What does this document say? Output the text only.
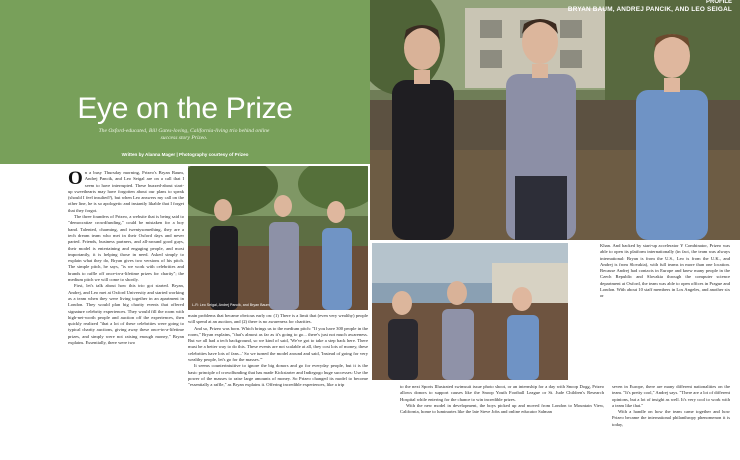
Eye on the Prize

The Oxford-educated, Bill Gates-loving, California-living trio behind online success story Prizeo.

Written by Alanna Mager | Photography courtesy of Prizeo

PROFILE
BRYAN BAUM, ANDREJ PANCIK, AND LEO SEIGAL

On a busy Thursday morning, Prizeo's Bryan Baum, Andrej Pancik, and Leo Seigal are on a call that I seem to have interrupted. These buzzed-about start-up sweethearts may have forgotten about our plans to speak (should I feel insulted?), but when Leo answers my call on the other line, he is so apologetic and instantly likable that I forget that they forgot.

The three founders of Prizeo, a website that is being said to "democratize crowdfunding," could be mistaken for a boy band. Talented, charming, and twentysomething, they are a tech dream team who met in their Oxford days and never parted. Friends, business partners, and all-around good guys, their model is entertaining and engaging people, and most importantly, it is helping those in need. Asked simply to explain what they do, Bryan gives two versions of his pitch. The simple pitch, he says, "is we work with celebrities and brands to raffle off once-in-a-lifetime prizes for charity"; the medium pitch we will come to shortly.

First, let's talk about how this trio got started. Bryan, Andrej, and Leo met at Oxford University and started working as a team when they were living together in an apartment in London. They would plan big charity events that offered signature celebrity experiences. They would fill the room with high-net-worth people and auction off the experiences, then quickly realized "that a lot of these celebrities were going to typical charity auctions, giving away these once-in-a-lifetime prizes, and simply were not raising enough money," Bryan explains. Essentially, there were two

L-R: Leo Seigal, Andrej Pancik, and Bryan Baum

main problems that became obvious early on: (1) There is a limit that (even very wealthy) people will spend at an auction, and (2) there is no awareness for charities.

And so, Prizeo was born. Which brings us to the medium pitch: "If you have 300 people in the room," Bryan explains, "that's almost as far as it's going to go... there's just not much awareness. But we all had a tech background, so we kind of said, 'We've got to take a step back here. There must be a better way to do this. These events are not scalable at all, they cost lots of money, these celebrities have lots of fans...' So we turned the model around and said, 'Instead of going for very wealthy people, let's go for the masses.'"

It seems counterintuitive to ignore the big donors and go for everyday people, but it is the basic principle of crowdfunding that has made Kickstarter and Indiegogo huge successes: Use the power of the masses to raise large amounts of money. So Prizeo changed its model to become "essentially a raffle," as Bryan explains it. Offering incredible experiences, like a trip

Khan. And backed by start-up accelerator Y Combinator, Prizeo was able to open its platform internationally (in fact, the team was always international: Bryan is from the U.S., Leo is from the U.K., and Andrej is from Slovakia), with full teams in more than one location. Because Andrej had contacts in Europe and knew many people in the Czech Republic and Slovakia through the computer science department at Oxford, the team was able to open offices in Prague and London. With about 10 staff members in Los Angeles, and another six or

to the next Sports Illustrated swimsuit issue photo shoot, or an internship for a day with Snoop Dogg, Prizeo allows donors to support causes like the Snoop Youth Football League or St. Jude Children's Research Hospital while entering for the chance to win incredible prizes.

With the new model in development, the boys picked up and moved from London to Mountain View, California, home to luminaries like the late Steve Jobs and online educator Salman

seven in Europe, there are many different nationalities on the team. "It's pretty cool," Andrej says. "There are a lot of different opinions, but a lot of insight as well. It's very cool to work with a team like that."

With a handle on how the team came together and how Prizeo became the international philanthropy phenomenon it is today,
